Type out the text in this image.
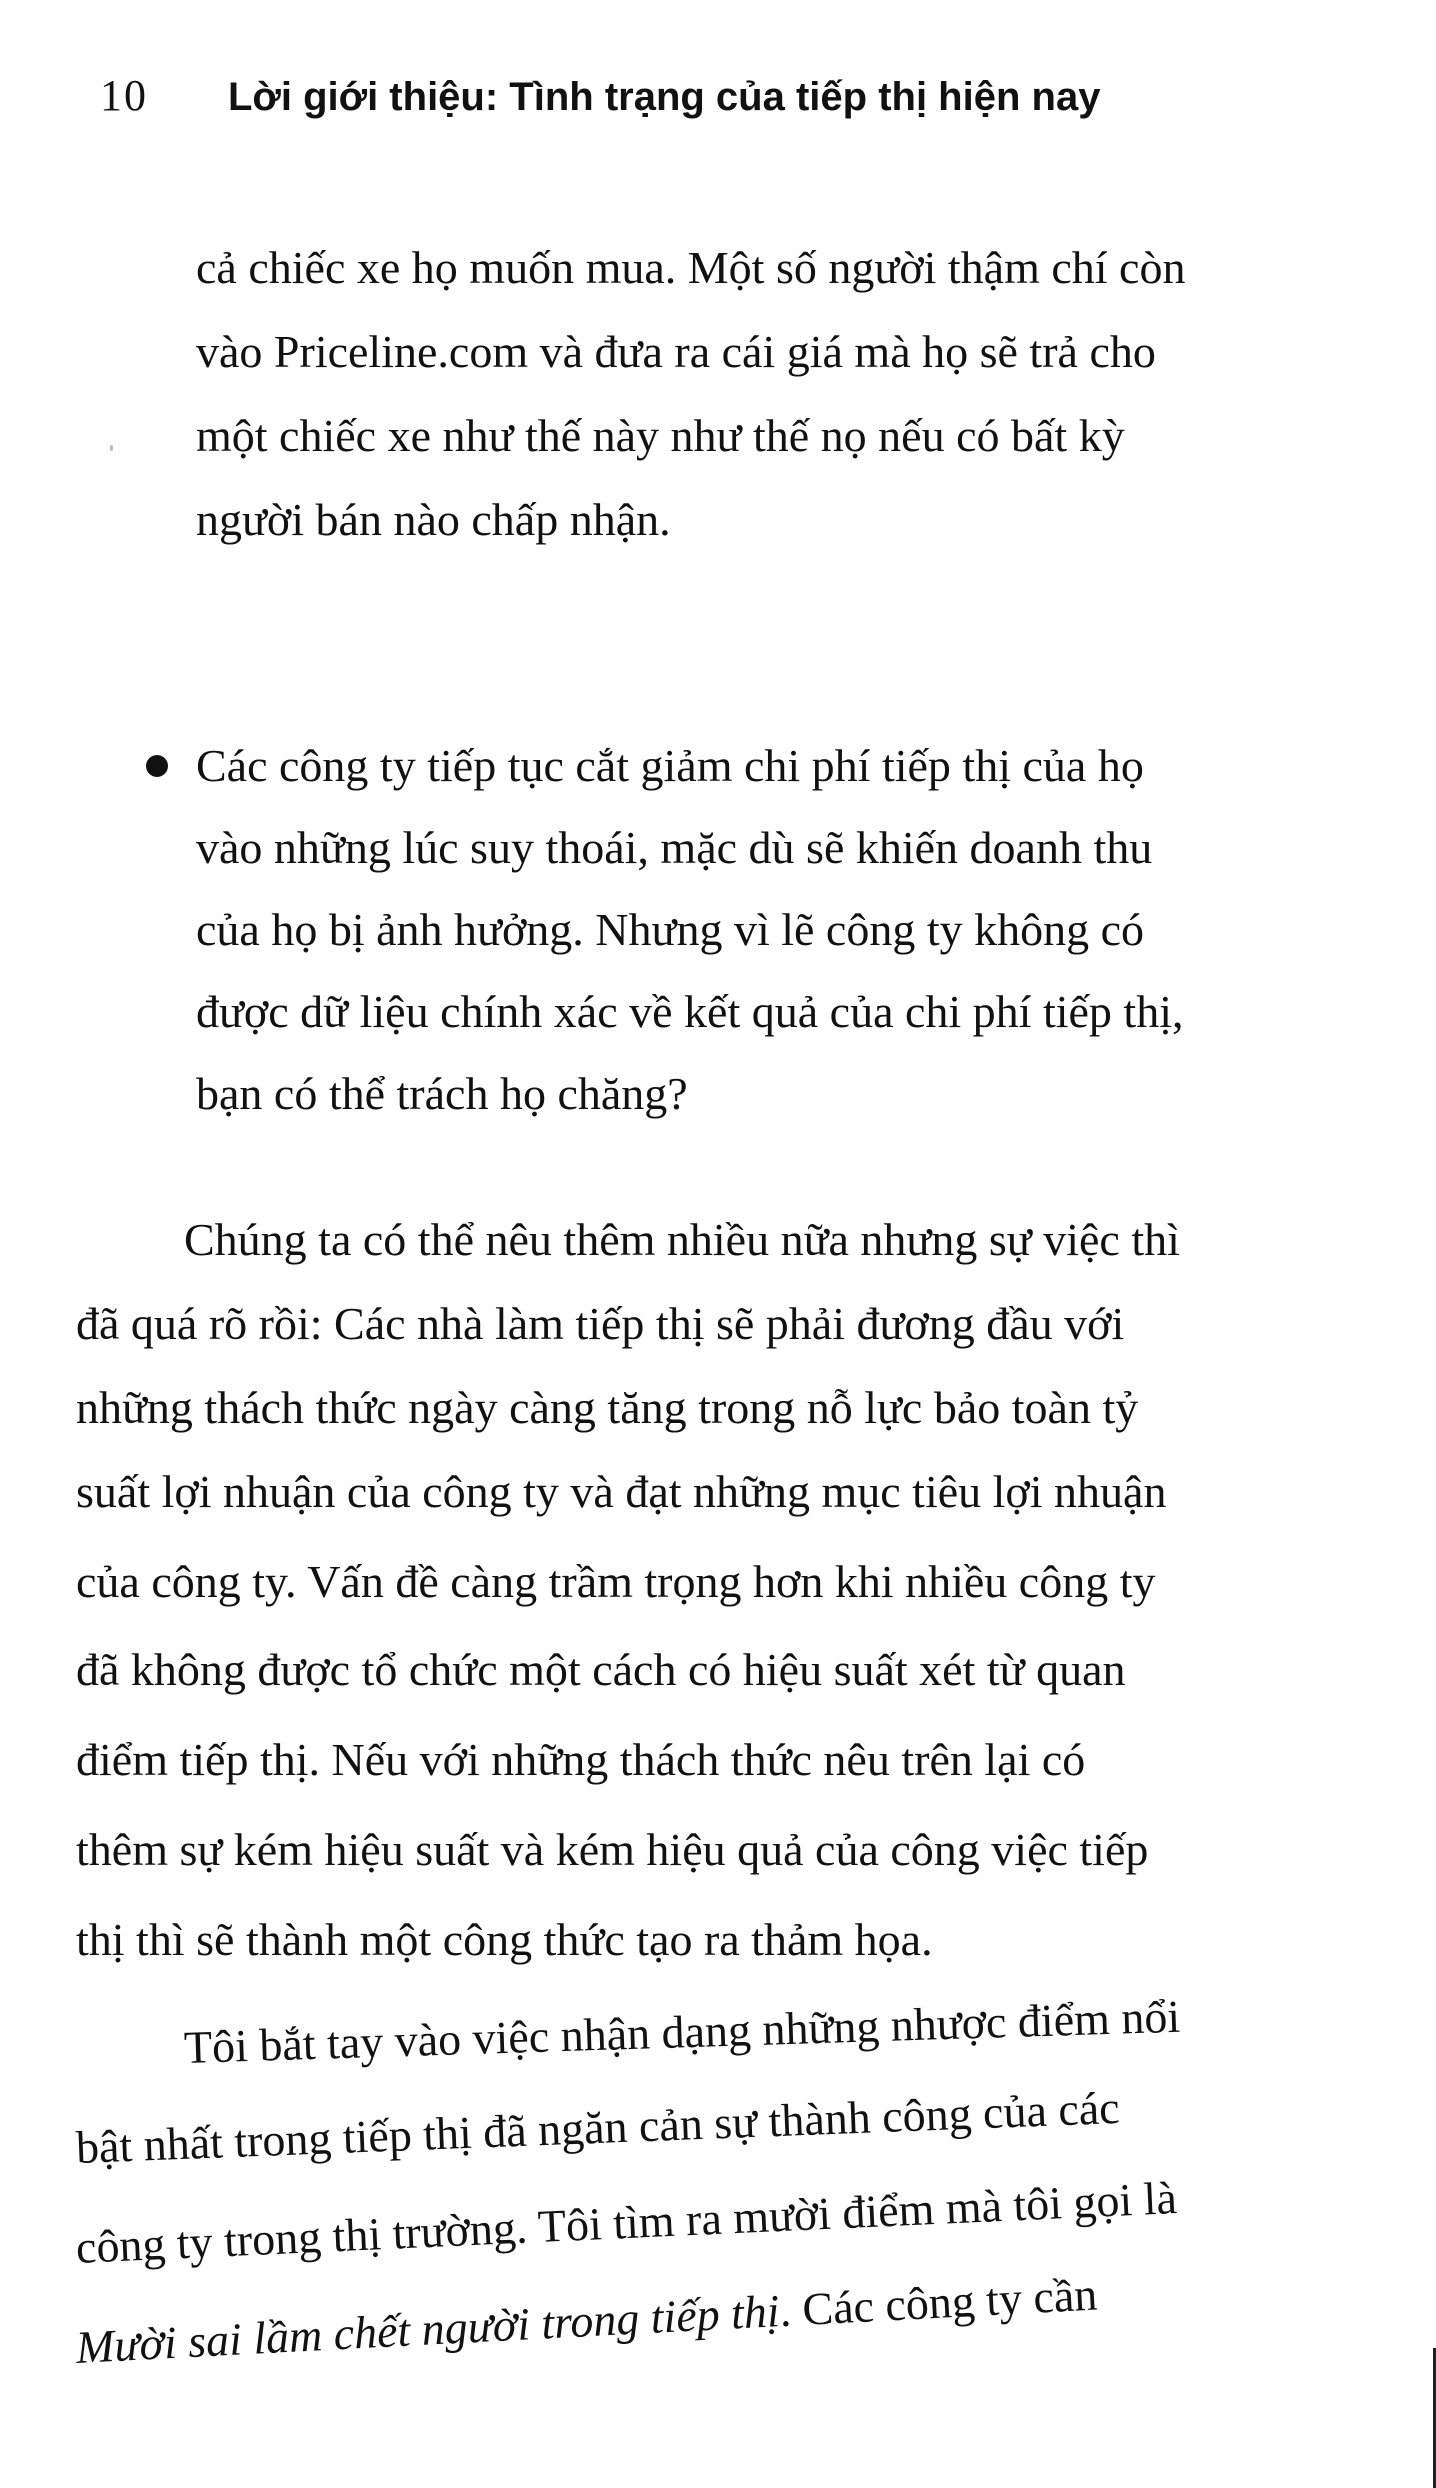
10	Lời giới thiệu: Tình trạng của tiếp thị hiện nay
cả chiếc xe họ muốn mua. Một số người thậm chí còn
vào Priceline.com và đưa ra cái giá mà họ sẽ trả cho
một chiếc xe như thế này như thế nọ nếu có bất kỳ
người bán nào chấp nhận.
Các công ty tiếp tục cắt giảm chi phí tiếp thị của họ
vào những lúc suy thoái, mặc dù sẽ khiến doanh thu
của họ bị ảnh hưởng. Nhưng vì lẽ công ty không có
được dữ liệu chính xác về kết quả của chi phí tiếp thị,
bạn có thể trách họ chăng?
Chúng ta có thể nêu thêm nhiều nữa nhưng sự việc thì
đã quá rõ rồi: Các nhà làm tiếp thị sẽ phải đương đầu với
những thách thức ngày càng tăng trong nỗ lực bảo toàn tỷ
suất lợi nhuận của công ty và đạt những mục tiêu lợi nhuận
của công ty. Vấn đề càng trầm trọng hơn khi nhiều công ty
đã không được tổ chức một cách có hiệu suất xét từ quan
điểm tiếp thị. Nếu với những thách thức nêu trên lại có
thêm sự kém hiệu suất và kém hiệu quả của công việc tiếp
thị thì sẽ thành một công thức tạo ra thảm họa.
Tôi bắt tay vào việc nhận dạng những nhược điểm nổi
bật nhất trong tiếp thị đã ngăn cản sự thành công của các
công ty trong thị trường. Tôi tìm ra mười điểm mà tôi gọi là
Mười sai lầm chết người trong tiếp thị. Các công ty cần
